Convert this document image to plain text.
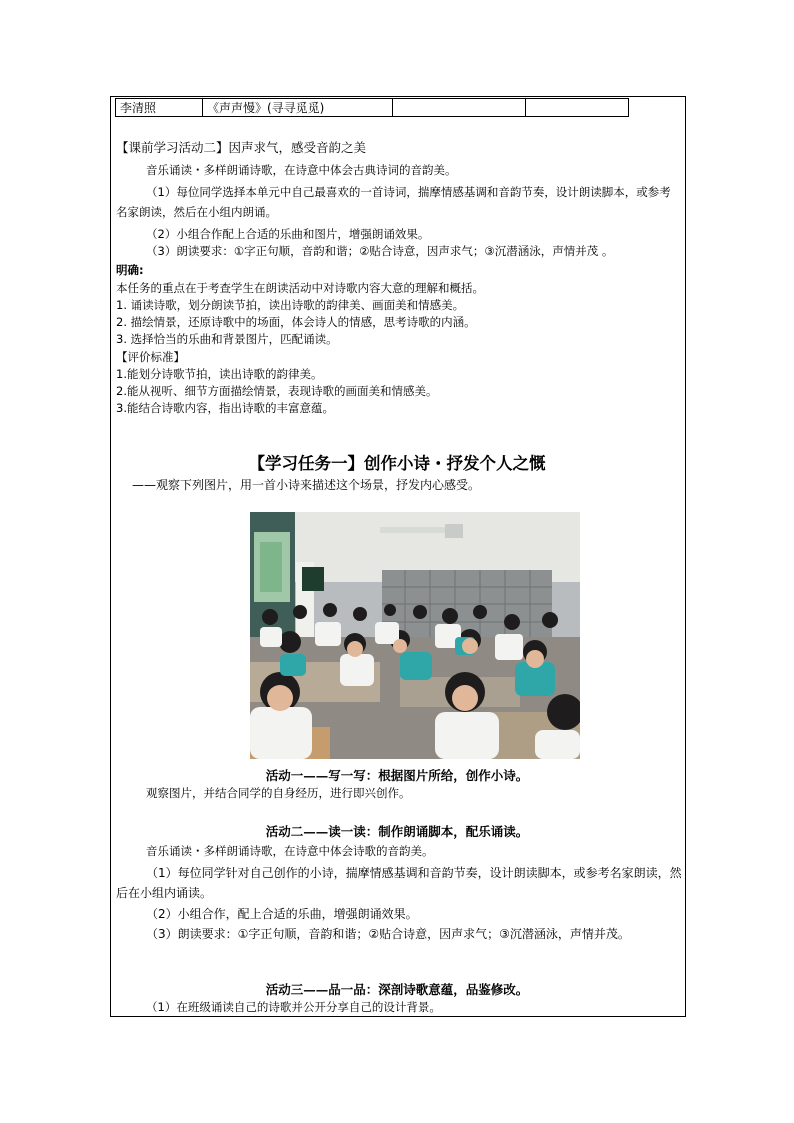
李清照	《声声慢》(寻寻觅觅)		
【课前学习活动二】因声求气，感受音韵之美
音乐诵读・多样朗诵诗歌，在诗意中体会古典诗词的音韵美。
（1）每位同学选择本单元中自己最喜欢的一首诗词，揣摩情感基调和音韵节奏，设计朗读脚本，或参考名家朗读，然后在小组内朗诵。
（2）小组合作配上合适的乐曲和图片，增强朗诵效果。
（3）朗读要求：①字正句顺，音韵和谐；②贴合诗意，因声求气；③沉潜涵泳，声情并茂 。
明确:
本任务的重点在于考查学生在朗读活动中对诗歌内容大意的理解和概括。
1. 诵读诗歌，划分朗读节拍，读出诗歌的韵律美、画面美和情感美。
2. 描绘情景，还原诗歌中的场面，体会诗人的情感，思考诗歌的内涵。
3. 选择恰当的乐曲和背景图片，匹配诵读。
【评价标准】
1.能划分诗歌节拍，读出诗歌的韵律美。
2.能从视听、细节方面描绘情景，表现诗歌的画面美和情感美。
3.能结合诗歌内容，指出诗歌的丰富意蕴。
【学习任务一】创作小诗・抒发个人之慨
——观察下列图片，用一首小诗来描述这个场景，抒发内心感受。
活动一——写一写：根据图片所给，创作小诗。
观察图片，并结合同学的自身经历，进行即兴创作。
活动二——读一读：制作朗诵脚本，配乐诵读。
音乐诵读・多样朗诵诗歌，在诗意中体会诗歌的音韵美。
（1）每位同学针对自己创作的小诗，揣摩情感基调和音韵节奏，设计朗读脚本，或参考名家朗读，然后在小组内诵读。
（2）小组合作，配上合适的乐曲，增强朗诵效果。
（3）朗读要求：①字正句顺，音韵和谐；②贴合诗意，因声求气；③沉潜涵泳，声情并茂。
活动三——品一品：深剖诗歌意蕴，品鉴修改。
（1）在班级诵读自己的诗歌并公开分享自己的设计背景。
